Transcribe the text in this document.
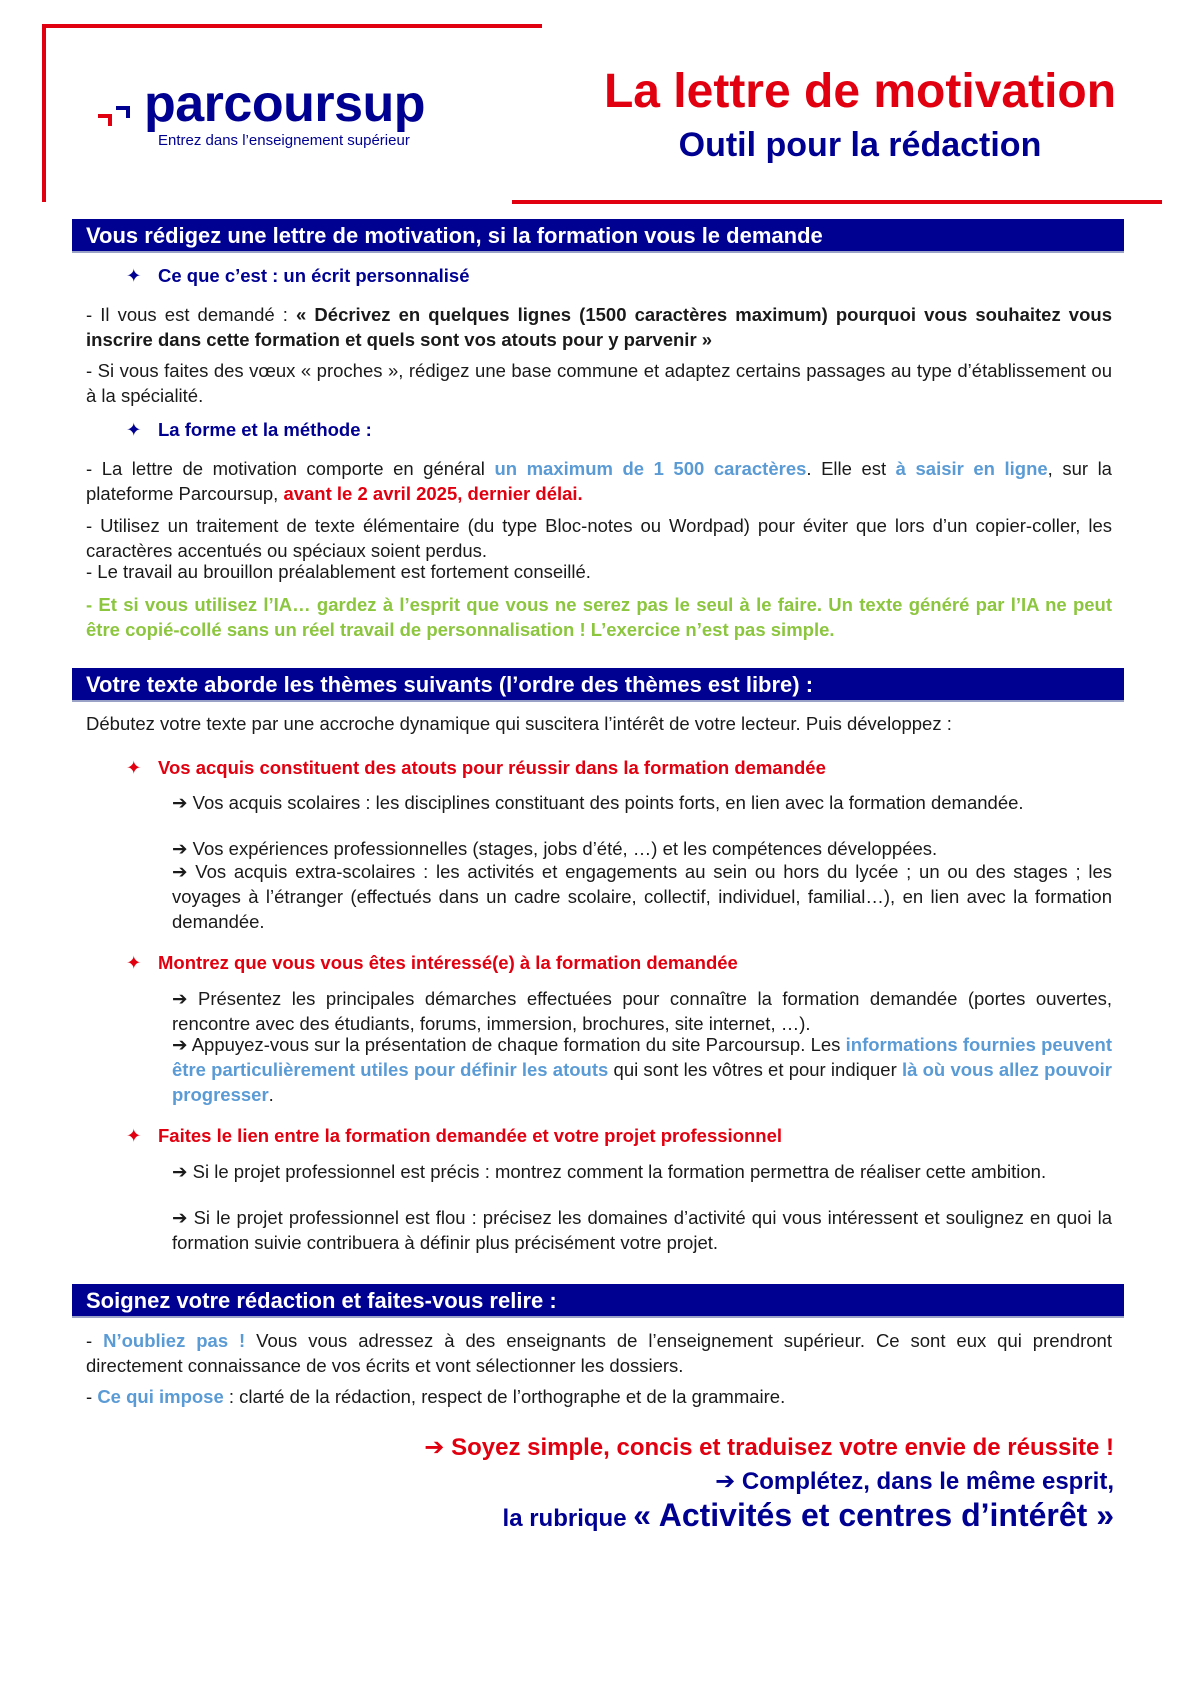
parcoursup
Entrez dans l’enseignement supérieur
La lettre de motivation
Outil pour la rédaction
Vous rédigez une lettre de motivation, si la formation vous le demande
✦ Ce que c’est : un écrit personnalisé
- Il vous est demandé : « Décrivez en quelques lignes (1500 caractères maximum) pourquoi vous souhaitez vous inscrire dans cette formation et quels sont vos atouts pour y parvenir »
- Si vous faites des vœux « proches », rédigez une base commune et adaptez certains passages au type d’établissement ou à la spécialité.
✦ La forme et la méthode :
- La lettre de motivation comporte en général un maximum de 1 500 caractères. Elle est à saisir en ligne, sur la plateforme Parcoursup, avant le 2 avril 2025, dernier délai.
- Utilisez un traitement de texte élémentaire (du type Bloc-notes ou Wordpad) pour éviter que lors d’un copier-coller, les caractères accentués ou spéciaux soient perdus.
- Le travail au brouillon préalablement est fortement conseillé.
- Et si vous utilisez l’IA… gardez à l’esprit que vous ne serez pas le seul à le faire. Un texte généré par l’IA ne peut être copié-collé sans un réel travail de personnalisation ! L’exercice n’est pas simple.
Votre texte aborde les thèmes suivants (l’ordre des thèmes est libre) :
Débutez votre texte par une accroche dynamique qui suscitera l’intérêt de votre lecteur. Puis développez :
✦ Vos acquis constituent des atouts pour réussir dans la formation demandée
➔ Vos acquis scolaires : les disciplines constituant des points forts, en lien avec la formation demandée.
➔ Vos expériences professionnelles (stages, jobs d’été, …) et les compétences développées.
➔ Vos acquis extra-scolaires : les activités et engagements au sein ou hors du lycée ; un ou des stages ; les voyages à l’étranger (effectués dans un cadre scolaire, collectif, individuel, familial…), en lien avec la formation demandée.
✦ Montrez que vous vous êtes intéressé(e) à la formation demandée
➔ Présentez les principales démarches effectuées pour connaître la formation demandée (portes ouvertes, rencontre avec des étudiants, forums, immersion, brochures, site internet, …).
➔ Appuyez-vous sur la présentation de chaque formation du site Parcoursup. Les informations fournies peuvent être particulièrement utiles pour définir les atouts qui sont les vôtres et pour indiquer là où vous allez pouvoir progresser.
✦ Faites le lien entre la formation demandée et votre projet professionnel
➔ Si le projet professionnel est précis : montrez comment la formation permettra de réaliser cette ambition.
➔ Si le projet professionnel est flou : précisez les domaines d’activité qui vous intéressent et soulignez en quoi la formation suivie contribuera à définir plus précisément votre projet.
Soignez votre rédaction et faites-vous relire :
- N’oubliez pas ! Vous vous adressez à des enseignants de l’enseignement supérieur. Ce sont eux qui prendront directement connaissance de vos écrits et vont sélectionner les dossiers.
- Ce qui impose : clarté de la rédaction, respect de l’orthographe et de la grammaire.
➔ Soyez simple, concis et traduisez votre envie de réussite !
➔ Complétez, dans le même esprit,
la rubrique « Activités et centres d’intérêt »
